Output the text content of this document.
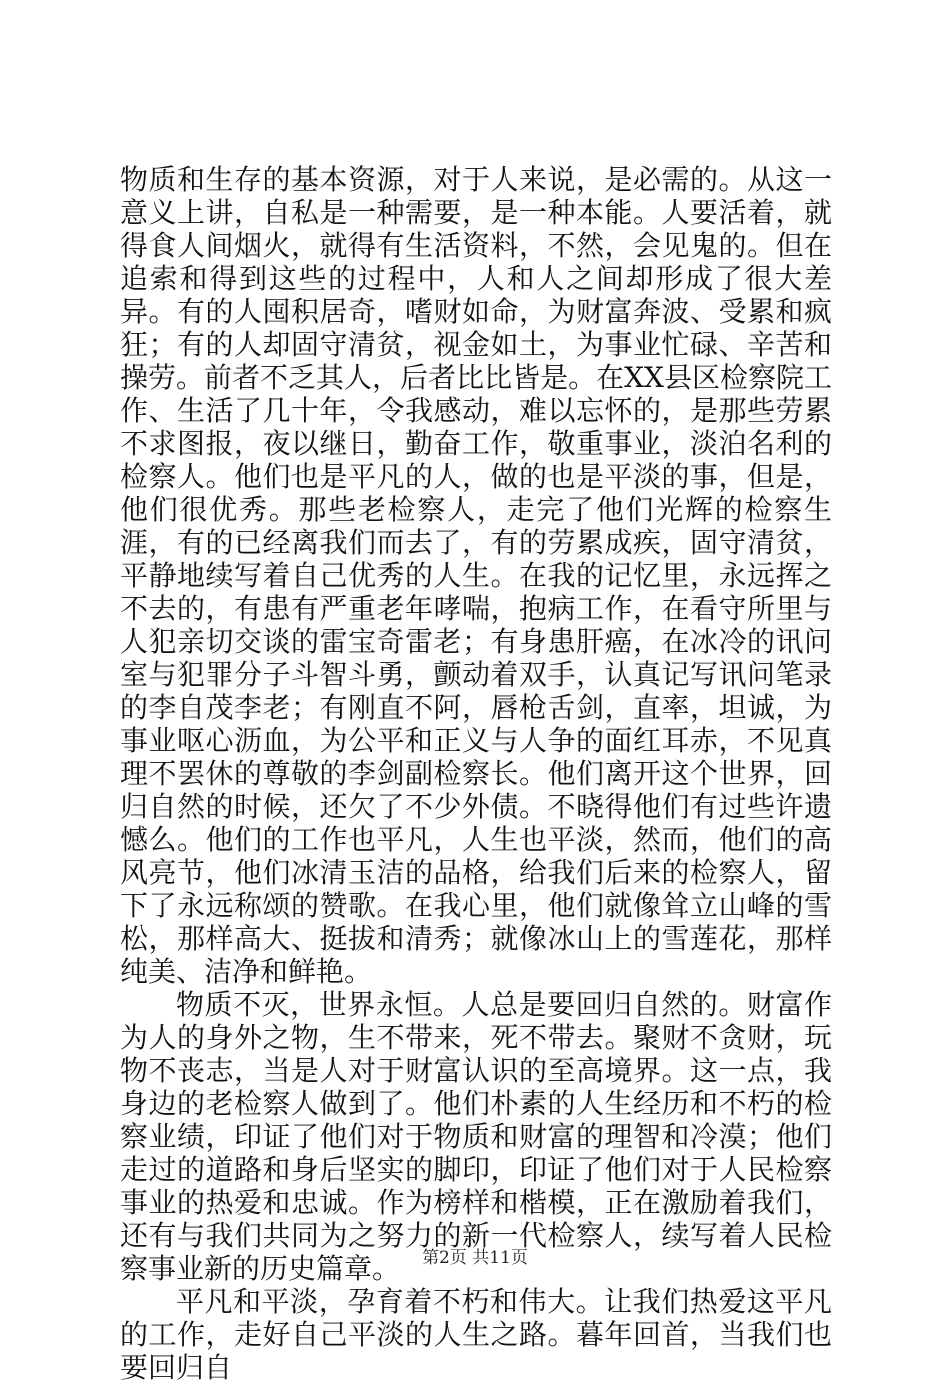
物质和生存的基本资源，对于人来说，是必需的。从这一意义上讲，自私是一种需要，是一种本能。人要活着，就得食人间烟火，就得有生活资料，不然，会见鬼的。但在追索和得到这些的过程中，人和人之间却形成了很大差异。有的人囤积居奇，嗜财如命，为财富奔波、受累和疯狂；有的人却固守清贫，视金如土，为事业忙碌、辛苦和操劳。前者不乏其人，后者比比皆是。在XX县区检察院工作、生活了几十年，令我感动，难以忘怀的，是那些劳累不求图报，夜以继日，勤奋工作，敬重事业，淡泊名利的检察人。他们也是平凡的人，做的也是平淡的事，但是，他们很优秀。那些老检察人，走完了他们光辉的检察生涯，有的已经离我们而去了，有的劳累成疾，固守清贫，平静地续写着自己优秀的人生。在我的记忆里，永远挥之不去的，有患有严重老年哮喘，抱病工作，在看守所里与人犯亲切交谈的雷宝奇雷老；有身患肝癌，在冰冷的讯问室与犯罪分子斗智斗勇，颤动着双手，认真记写讯问笔录的李自茂李老；有刚直不阿，唇枪舌剑，直率，坦诚，为事业呕心沥血，为公平和正义与人争的面红耳赤，不见真理不罢休的尊敬的李剑副检察长。他们离开这个世界，回归自然的时候，还欠了不少外债。不晓得他们有过些许遗憾么。他们的工作也平凡，人生也平淡，然而，他们的高风亮节，他们冰清玉洁的品格，给我们后来的检察人，留下了永远称颂的赞歌。在我心里，他们就像耸立山峰的雪松，那样高大、挺拔和清秀；就像冰山上的雪莲花，那样纯美、洁净和鲜艳。

物质不灭，世界永恒。人总是要回归自然的。财富作为人的身外之物，生不带来，死不带去。聚财不贪财，玩物不丧志，当是人对于财富认识的至高境界。这一点，我身边的老检察人做到了。他们朴素的人生经历和不朽的检察业绩，印证了他们对于物质和财富的理智和冷漠；他们走过的道路和身后坚实的脚印，印证了他们对于人民检察事业的热爱和忠诚。作为榜样和楷模，正在激励着我们，还有与我们共同为之努力的新一代检察人，续写着人民检察事业新的历史篇章。

平凡和平淡，孕育着不朽和伟大。让我们热爱这平凡的工作，走好自己平淡的人生之路。暮年回首，当我们也要回归自

第2页 共11页
